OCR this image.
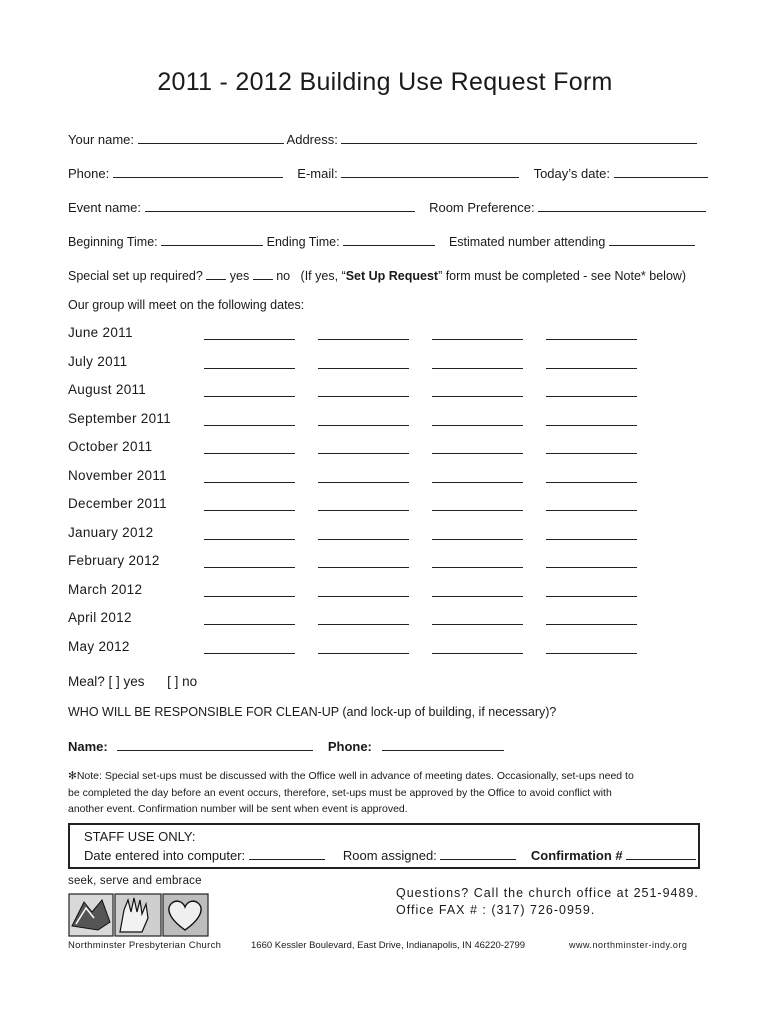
2011 - 2012 Building Use Request Form
Your name:	Address:
Phone:	E-mail:	Today’s date:
Event name:	Room Preference:
Beginning Time:	Ending Time:	Estimated number attending
Special set up required? yes no (If yes, “Set Up Request” form must be completed - see Note* below)
Our group will meet on the following dates:
June 2011
July 2011
August 2011
September 2011
October 2011
November 2011
December 2011
January 2012
February 2012
March 2012
April 2012
May 2012
Meal? [ ] yes [ ] no
WHO WILL BE RESPONSIBLE FOR CLEAN-UP (and lock-up of building, if necessary)?
Name:	Phone:
✻Note: Special set-ups must be discussed with the Office well in advance of meeting dates. Occasionally, set-ups need to
be completed the day before an event occurs, therefore, set-ups must be approved by the Office to avoid conflict with
another event. Confirmation number will be sent when event is approved.
STAFF USE ONLY:
Date entered into computer:	Room assigned:	Confirmation #
seek, serve and embrace
Questions? Call the church office at 251-9489.
Office FAX # : (317) 726-0959.
Northminster Presbyterian Church	1660 Kessler Boulevard, East Drive, Indianapolis, IN 46220-2799	www.northminster-indy.org
